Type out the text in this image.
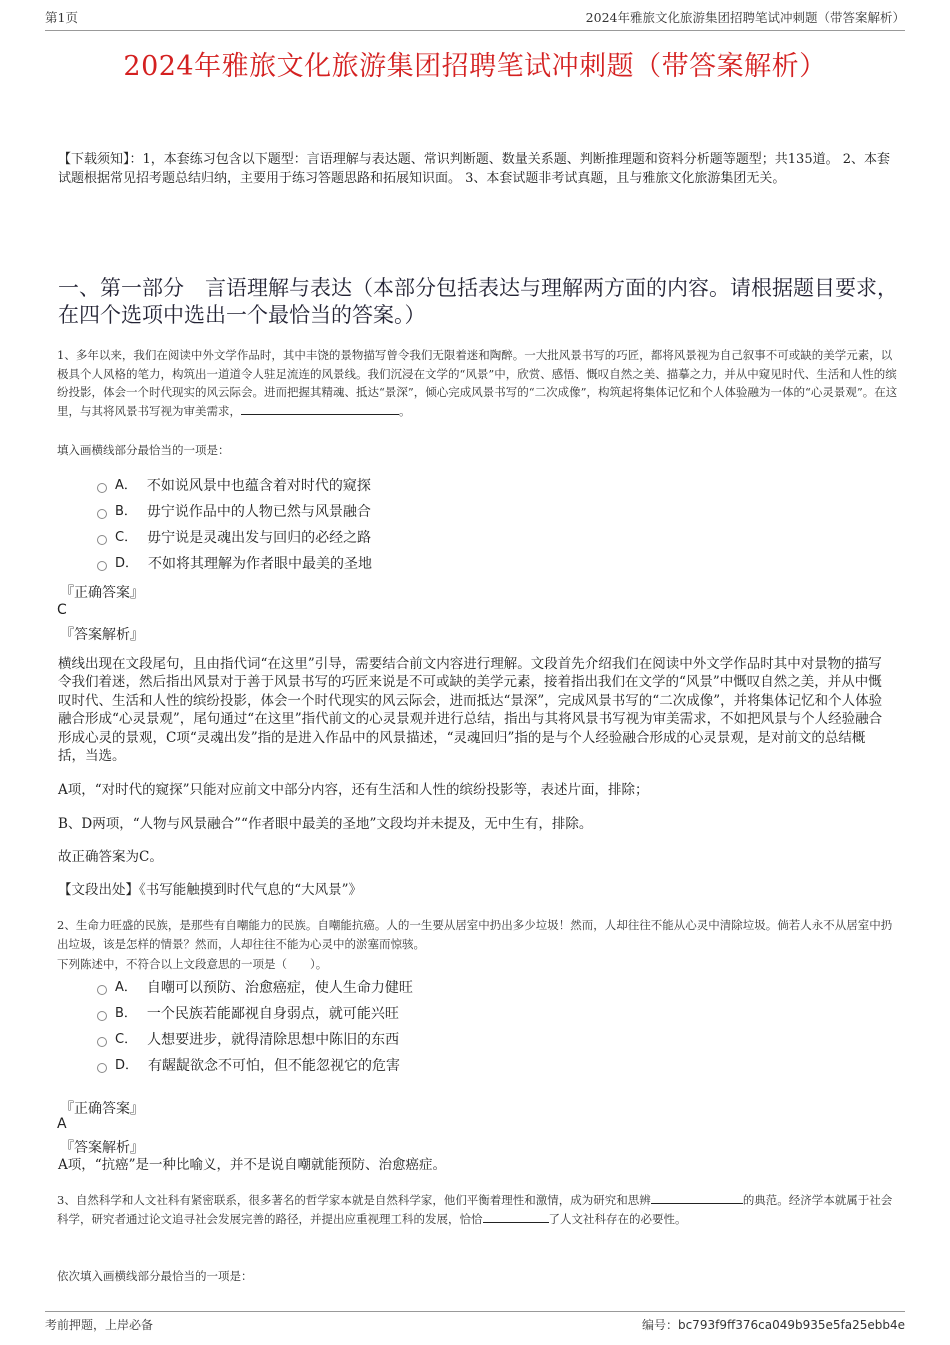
第1页	2024年雅旅文化旅游集团招聘笔试冲刺题（带答案解析）
2024年雅旅文化旅游集团招聘笔试冲刺题（带答案解析）
【下载须知】：1，本套练习包含以下题型：言语理解与表达题、常识判断题、数量关系题、判断推理题和资料分析题等题型；共135道。 2、本套试题根据常见招考题总结归纳，主要用于练习答题思路和拓展知识面。 3、本套试题非考试真题，且与雅旅文化旅游集团无关。
一、第一部分　言语理解与表达（本部分包括表达与理解两方面的内容。请根据题目要求，在四个选项中选出一个最恰当的答案。）
1、多年以来，我们在阅读中外文学作品时，其中丰饶的景物描写曾令我们无限着迷和陶醉。一大批风景书写的巧匠，都将风景视为自己叙事不可或缺的美学元素，以极具个人风格的笔力，构筑出一道道令人驻足流连的风景线。我们沉浸在文学的“风景”中，欣赏、感悟、慨叹自然之美、描摹之力，并从中窥见时代、生活和人性的缤纷投影，体会一个时代现实的风云际会。进而把握其精魂、抵达“景深”，倾心完成风景书写的“二次成像”，构筑起将集体记忆和个人体验融为一体的“心灵景观”。在这里，与其将风景书写视为审美需求，	。
填入画横线部分最恰当的一项是：
A． 不如说风景中也蕴含着对时代的窥探
B． 毋宁说作品中的人物已然与风景融合
C． 毋宁说是灵魂出发与回归的必经之路
D． 不如将其理解为作者眼中最美的圣地
『正确答案』
C
『答案解析』
横线出现在文段尾句，且由指代词“在这里”引导，需要结合前文内容进行理解。文段首先介绍我们在阅读中外文学作品时其中对景物的描写令我们着迷，然后指出风景对于善于风景书写的巧匠来说是不可或缺的美学元素，接着指出我们在文学的“风景”中慨叹自然之美，并从中慨叹时代、生活和人性的缤纷投影，体会一个时代现实的风云际会，进而抵达“景深”，完成风景书写的“二次成像”，并将集体记忆和个人体验融合形成“心灵景观”，尾句通过“在这里”指代前文的心灵景观并进行总结，指出与其将风景书写视为审美需求，不如把风景与个人经验融合形成心灵的景观，C项“灵魂出发”指的是进入作品中的风景描述，“灵魂回归”指的是与个人经验融合形成的心灵景观，是对前文的总结概括，当选。
A项，“对时代的窥探”只能对应前文中部分内容，还有生活和人性的缤纷投影等，表述片面，排除；
B、D两项，“人物与风景融合”“作者眼中最美的圣地”文段均并未提及，无中生有，排除。
故正确答案为C。
【文段出处】《书写能触摸到时代气息的“大风景”》
2、生命力旺盛的民族，是那些有自嘲能力的民族。自嘲能抗癌。人的一生要从居室中扔出多少垃圾！然而，人却往往不能从心灵中清除垃圾。倘若人永不从居室中扔出垃圾，该是怎样的情景？然而，人却往往不能为心灵中的淤塞而惊骇。
下列陈述中，不符合以上文段意思的一项是（　　）。
A． 自嘲可以预防、治愈癌症，使人生命力健旺
B． 一个民族若能鄙视自身弱点，就可能兴旺
C． 人想要进步，就得清除思想中陈旧的东西
D． 有龌龊欲念不可怕，但不能忽视它的危害
『正确答案』
A
『答案解析』
A项，“抗癌”是一种比喻义，并不是说自嘲就能预防、治愈癌症。
3、自然科学和人文社科有紧密联系，很多著名的哲学家本就是自然科学家，他们平衡着理性和激情，成为研究和思辨	的典范。经济学本就属于社会科学，研究者通过论文追寻社会发展完善的路径，并提出应重视理工科的发展，恰恰	了人文社科存在的必要性。
依次填入画横线部分最恰当的一项是：
考前押题，上岸必备	编号：bc793f9ff376ca049b935e5fa25ebb4e
